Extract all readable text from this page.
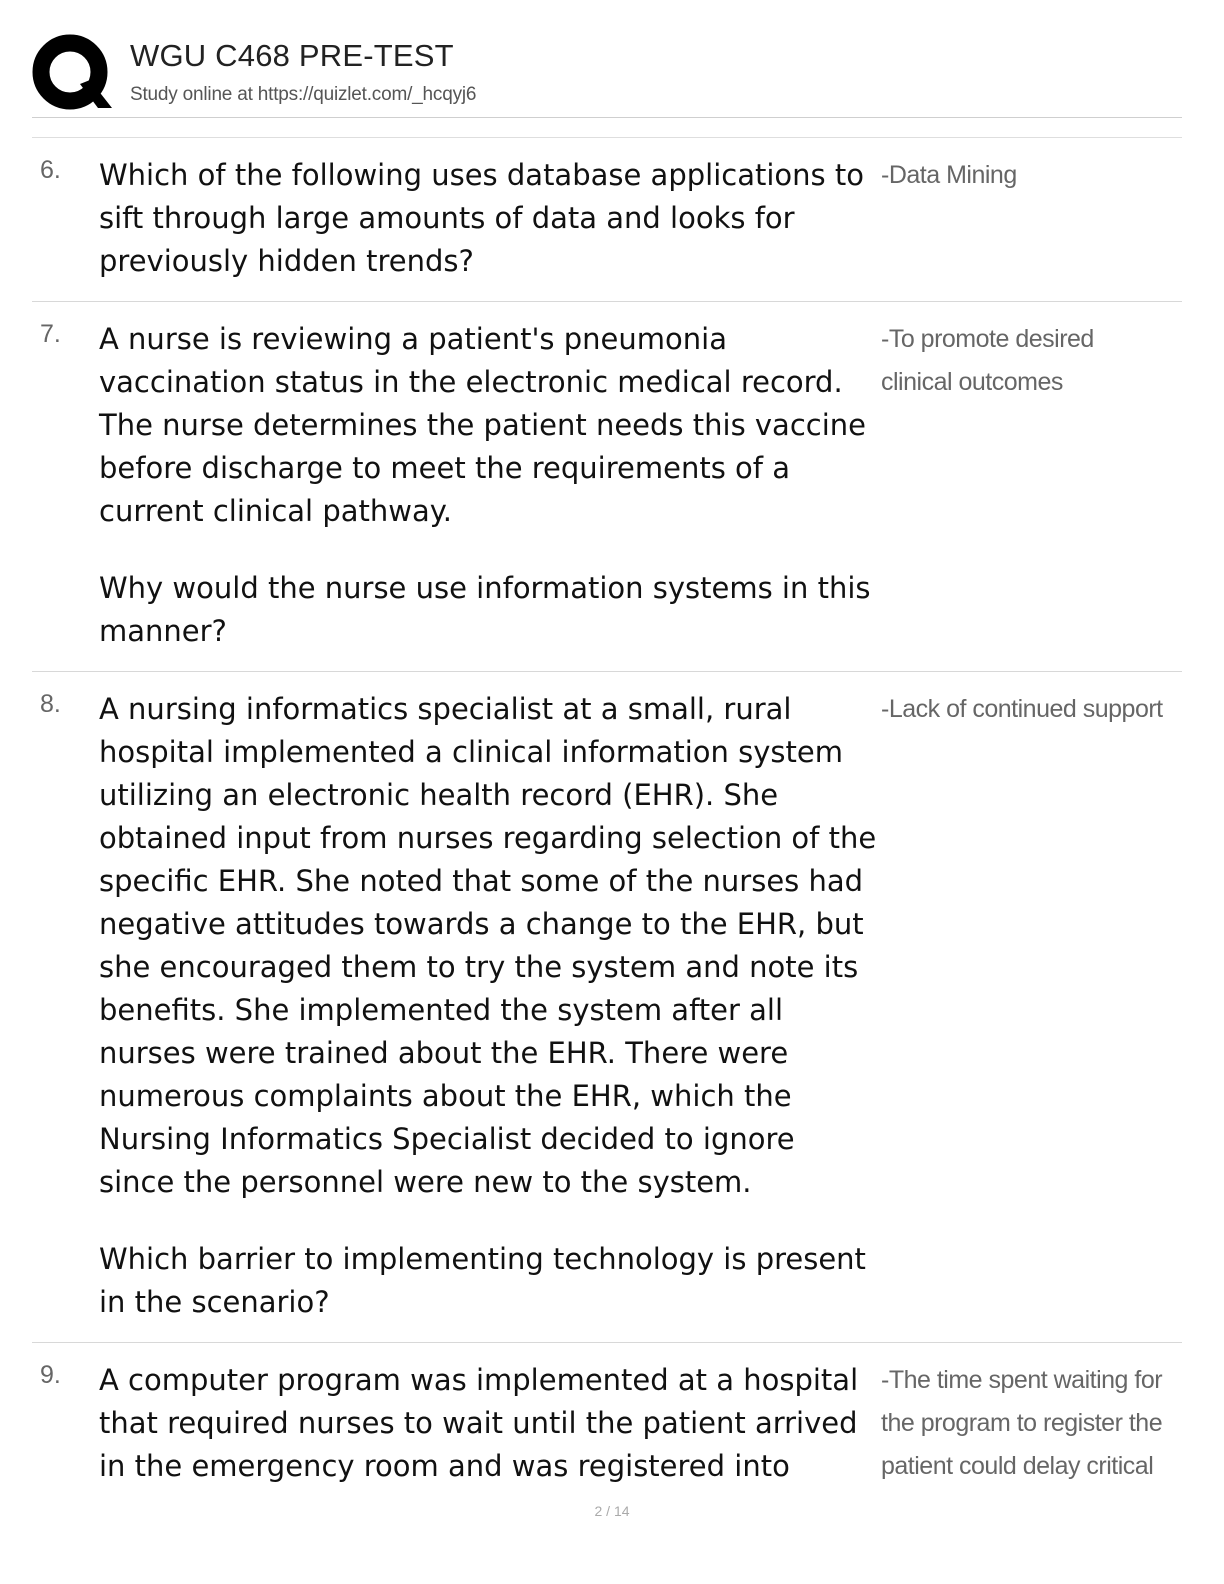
WGU C468 PRE-TEST
Study online at https://quizlet.com/_hcqyj6
6. Which of the following uses database applications to sift through large amounts of data and looks for previously hidden trends?

-Data Mining
7. A nurse is reviewing a patient's pneumonia vaccination status in the electronic medical record. The nurse determines the patient needs this vaccine before discharge to meet the requirements of a current clinical pathway.

Why would the nurse use information systems in this manner?

-To promote desired clinical outcomes
8. A nursing informatics specialist at a small, rural hospital implemented a clinical information system utilizing an electronic health record (EHR). She obtained input from nurses regarding selection of the specific EHR. She noted that some of the nurses had negative attitudes towards a change to the EHR, but she encouraged them to try the system and note its benefits. She implemented the system after all nurses were trained about the EHR. There were numerous complaints about the EHR, which the Nursing Informatics Specialist decided to ignore since the personnel were new to the system.

Which barrier to implementing technology is present in the scenario?

-Lack of continued support
9. A computer program was implemented at a hospital that required nurses to wait until the patient arrived in the emergency room and was registered into

-The time spent waiting for the program to register the patient could delay critical
2 / 14
